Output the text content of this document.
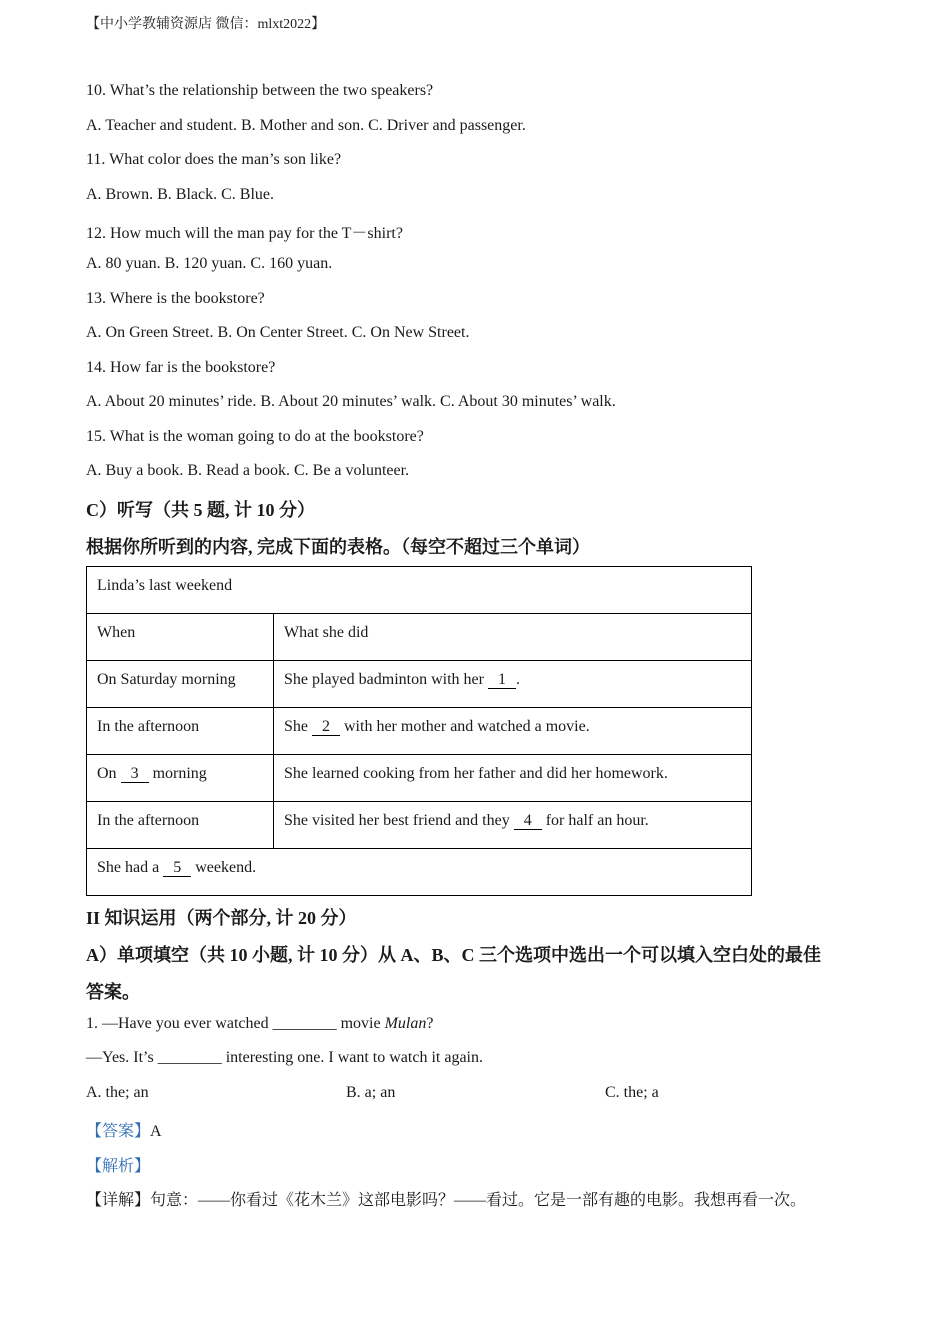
【中小学教辅资源店 微信：mlxt2022】
10. What’s the relationship between the two speakers?
A. Teacher and student. B. Mother and son. C. Driver and passenger.
11. What color does the man’s son like?
A. Brown. B. Black. C. Blue.
12. How much will the man pay for the T－shirt?
A. 80 yuan. B. 120 yuan. C. 160 yuan.
13. Where is the bookstore?
A. On Green Street. B. On Center Street. C. On New Street.
14. How far is the bookstore?
A. About 20 minutes’ ride. B. About 20 minutes’ walk. C. About 30 minutes’ walk.
15. What is the woman going to do at the bookstore?
A. Buy a book. B. Read a book. C. Be a volunteer.
C）听写（共 5 题, 计 10 分）
根据你所听到的内容, 完成下面的表格。（每空不超过三个单词）
Linda’s last weekend	
When	What she did
On Saturday morning	She played badminton with her 1 .
In the afternoon	She 2 with her mother and watched a movie.
On 3 morning	She learned cooking from her father and did her homework.
In the afternoon	She visited her best friend and they 4 for half an hour.
She had a 5 weekend.	
II 知识运用（两个部分, 计 20 分）
A）单项填空（共 10 小题, 计 10 分）从 A、B、C 三个选项中选出一个可以填入空白处的最佳
答案。
1. —Have you ever watched ________ movie Mulan?
—Yes. It’s ________ interesting one. I want to watch it again.
A. the; an	B. a; an	C. the; a
【答案】A
【解析】
【详解】句意：——你看过《花木兰》这部电影吗？——看过。它是一部有趣的电影。我想再看一次。
